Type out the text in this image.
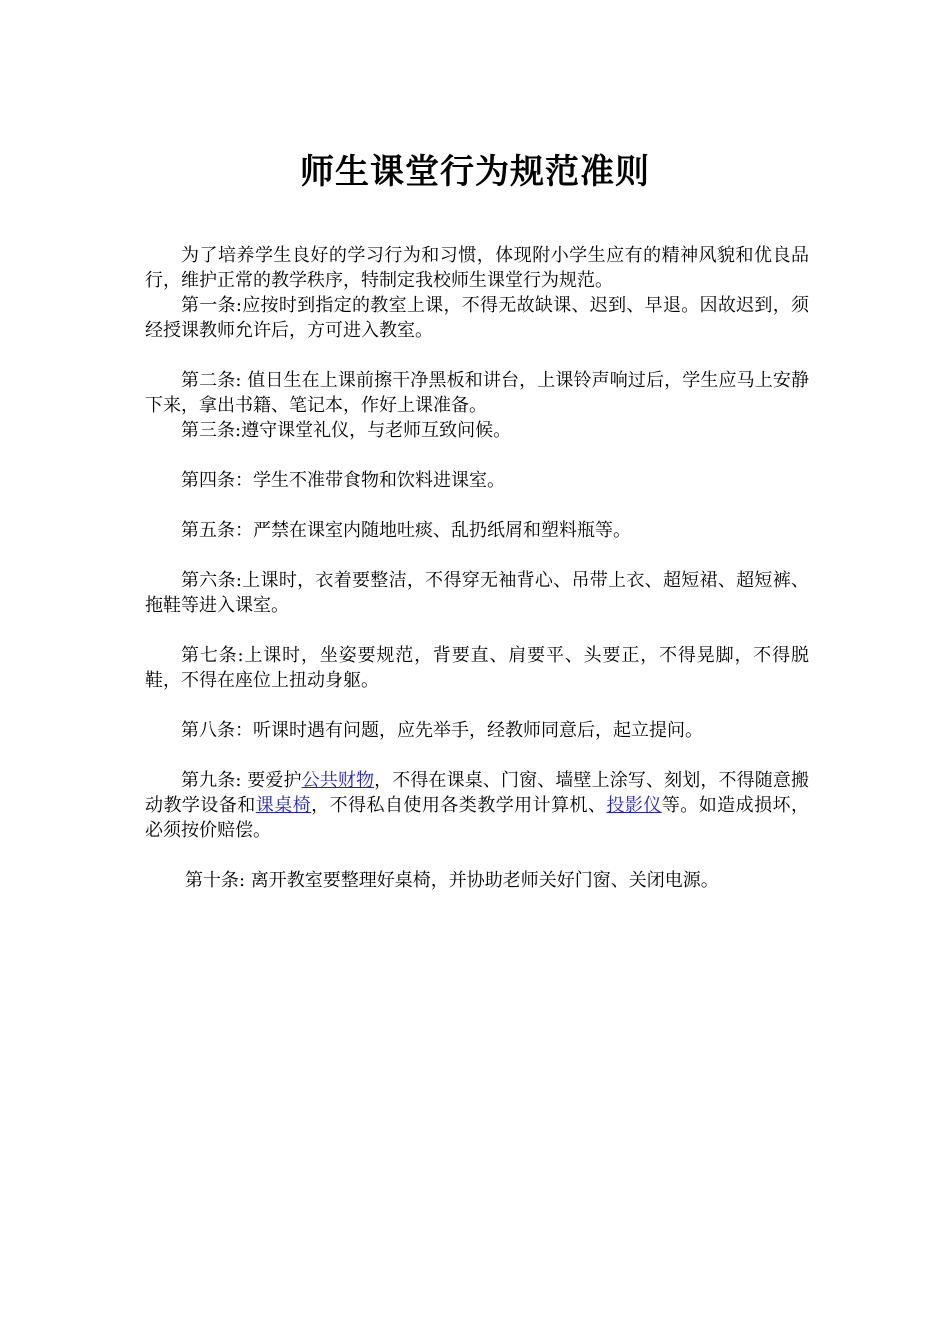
师生课堂行为规范准则

为了培养学生良好的学习行为和习惯，体现附小学生应有的精神风貌和优良品行，维护正常的教学秩序，特制定我校师生课堂行为规范。

第一条:应按时到指定的教室上课，不得无故缺课、迟到、早退。因故迟到，须经授课教师允许后，方可进入教室。

第二条: 值日生在上课前擦干净黑板和讲台，上课铃声响过后，学生应马上安静下来，拿出书籍、笔记本，作好上课准备。

第三条:遵守课堂礼仪，与老师互致问候。

第四条：学生不准带食物和饮料进课室。

第五条：严禁在课室内随地吐痰、乱扔纸屑和塑料瓶等。

第六条:上课时，衣着要整洁，不得穿无袖背心、吊带上衣、超短裙、超短裤、拖鞋等进入课室。

第七条:上课时，坐姿要规范，背要直、肩要平、头要正，不得晃脚，不得脱鞋，不得在座位上扭动身躯。

第八条：听课时遇有问题，应先举手，经教师同意后，起立提问。

第九条: 要爱护公共财物，不得在课桌、门窗、墙壁上涂写、刻划，不得随意搬动教学设备和课桌椅，不得私自使用各类教学用计算机、投影仪等。如造成损坏，必须按价赔偿。

第十条: 离开教室要整理好桌椅，并协助老师关好门窗、关闭电源。
